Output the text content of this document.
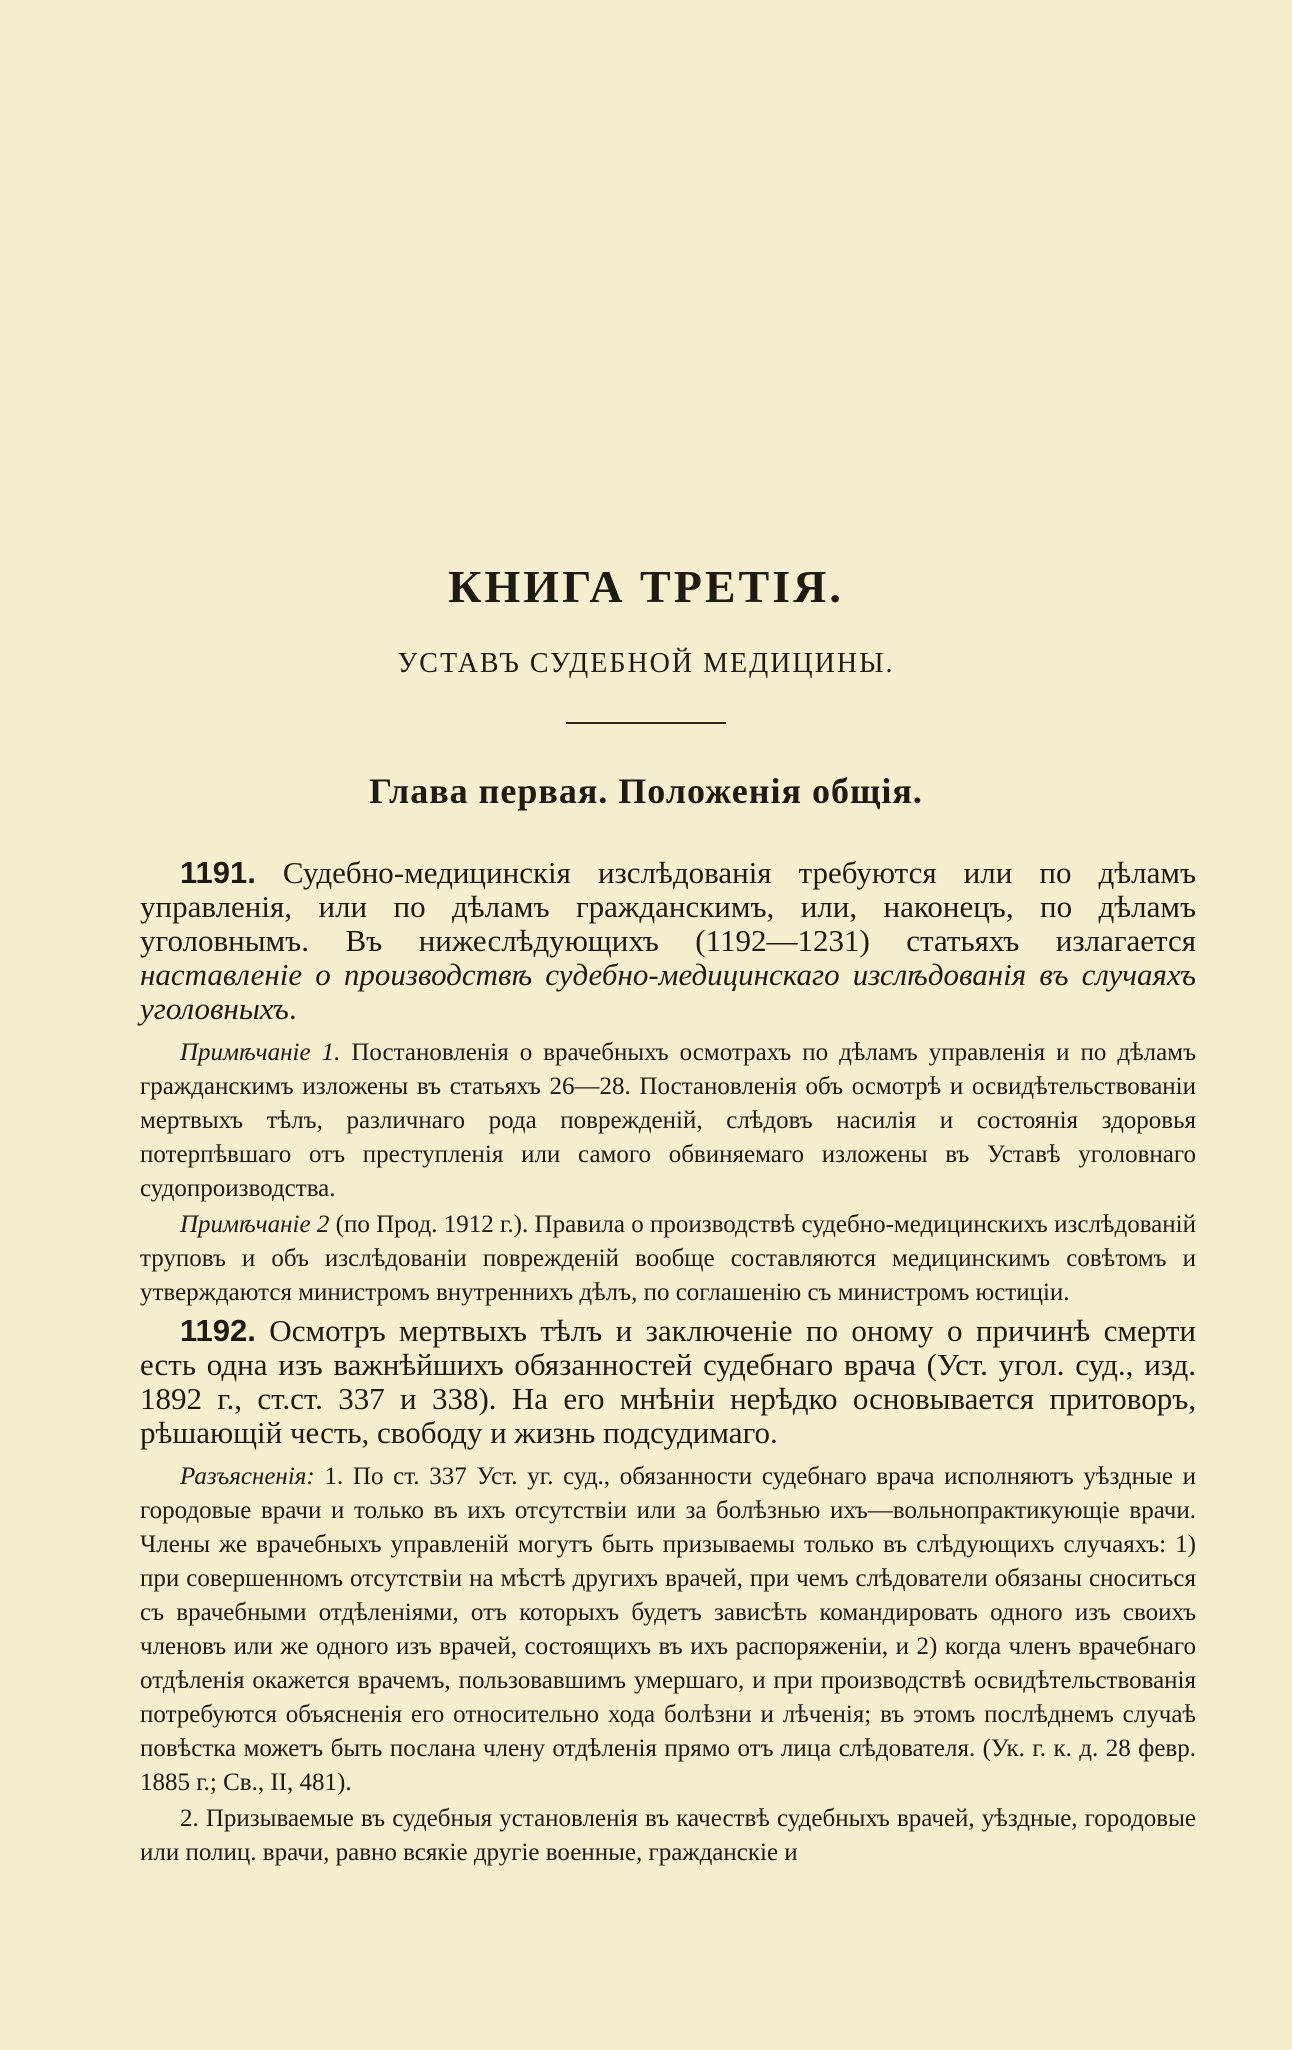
КНИГА ТРЕТІЯ.
УСТАВЪ СУДЕБНОЙ МЕДИЦИНЫ.
Глава первая. Положенія общія.

1191. Судебно-медицинскія изслѣдованія требуются или по дѣламъ управленія, или по дѣламъ гражданскимъ, или, наконецъ, по дѣламъ уголовнымъ. Въ нижеслѣдующихъ (1192—1231) статьяхъ излагается наставленіе о производствѣ судебно-медицинскаго изслѣдованія въ случаяхъ уголовныхъ.

Примѣчаніе 1. Постановленія о врачебныхъ осмотрахъ по дѣламъ управленія и по дѣламъ гражданскимъ изложены въ статьяхъ 26—28. Постановленія объ осмотрѣ и освидѣтельствованіи мертвыхъ тѣлъ, различнаго рода поврежденій, слѣдовъ насилія и состоянія здоровья потерпѣвшаго отъ преступленія или самого обвиняемаго изложены въ Уставѣ уголовнаго судопроизводства.

Примѣчаніе 2 (по Прод. 1912 г.). Правила о производствѣ судебно-медицинскихъ изслѣдованій труповъ и объ изслѣдованіи поврежденій вообще составляются медицинскимъ совѣтомъ и утверждаются министромъ внутреннихъ дѣлъ, по соглашенію съ министромъ юстиціи.

1192. Осмотръ мертвыхъ тѣлъ и заключеніе по оному о причинѣ смерти есть одна изъ важнѣйшихъ обязанностей судебнаго врача (Уст. угол. суд., изд. 1892 г., ст.ст. 337 и 338). На его мнѣніи нерѣдко основывается притоворъ, рѣшающій честь, свободу и жизнь подсудимаго.

Разъясненія: 1. По ст. 337 Уст. уг. суд., обязанности судебнаго врача исполняютъ уѣздные и городовые врачи и только въ ихъ отсутствіи или за болѣзнью ихъ—вольнопрактикующіе врачи. Члены же врачебныхъ управленій могутъ быть призываемы только въ слѣдующихъ случаяхъ: 1) при совершенномъ отсутствіи на мѣстѣ другихъ врачей, при чемъ слѣдователи обязаны сноситься съ врачебными отдѣленіями, отъ которыхъ будетъ зависѣть командировать одного изъ своихъ членовъ или же одного изъ врачей, состоящихъ въ ихъ распоряженіи, и 2) когда членъ врачебнаго отдѣленія окажется врачемъ, пользовавшимъ умершаго, и при производствѣ освидѣтельствованія потребуются объясненія его относительно хода болѣзни и лѣченія; въ этомъ послѣднемъ случаѣ повѣстка можетъ быть послана члену отдѣленія прямо отъ лица слѣдователя. (Ук. г. к. д. 28 февр. 1885 г.; Св., II, 481).

2. Призываемые въ судебныя установленія въ качествѣ судебныхъ врачей, уѣздные, городовые или полиц. врачи, равно всякіе другіе военные, гражданскіе и
